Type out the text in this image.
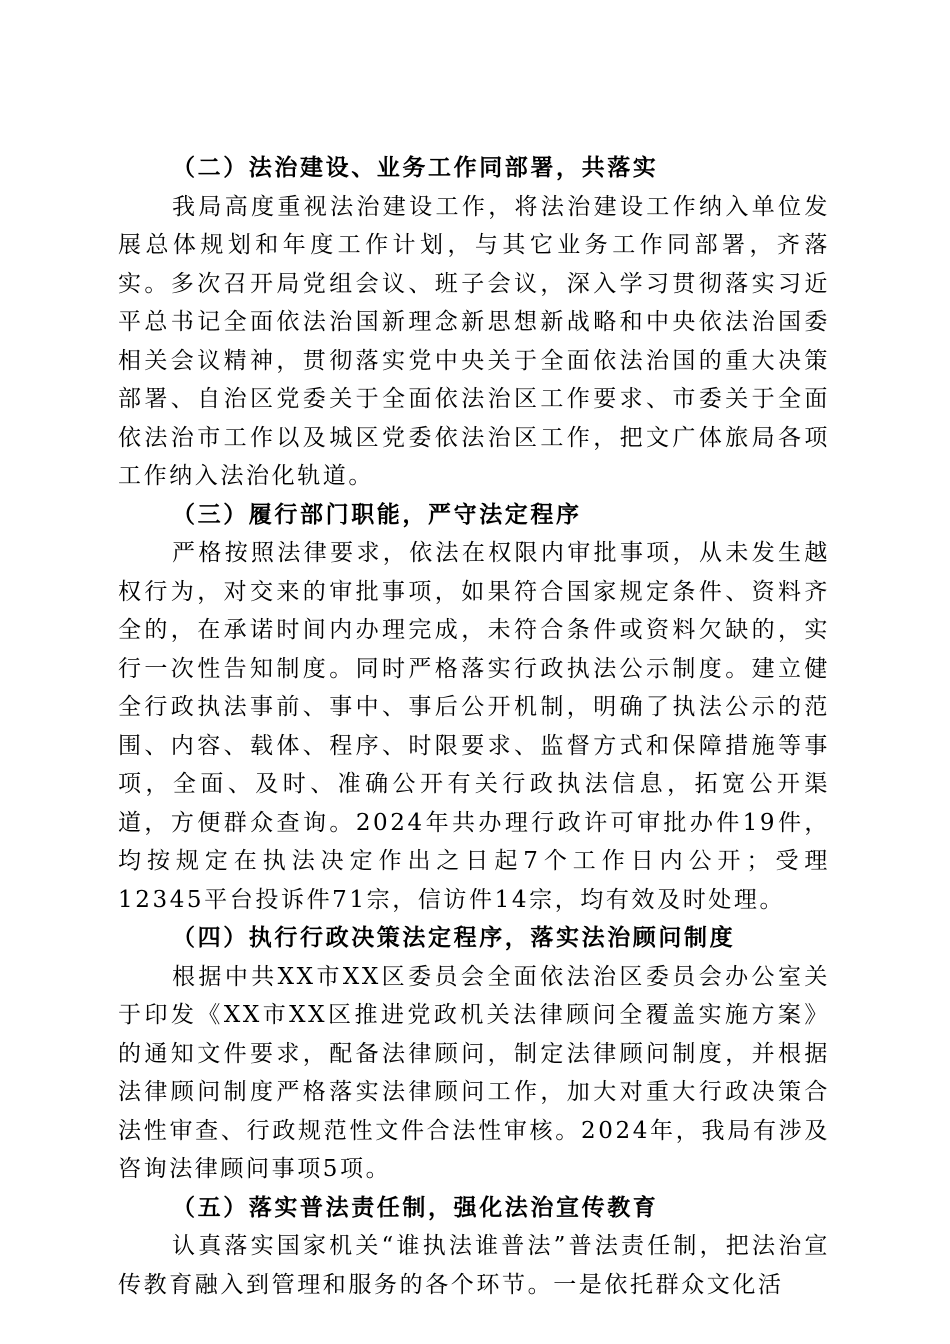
（二）法治建设、业务工作同部署，共落实

我局高度重视法治建设工作，将法治建设工作纳入单位发展总体规划和年度工作计划，与其它业务工作同部署，齐落实。多次召开局党组会议、班子会议，深入学习贯彻落实习近平总书记全面依法治国新理念新思想新战略和中央依法治国委相关会议精神，贯彻落实党中央关于全面依法治国的重大决策部署、自治区党委关于全面依法治区工作要求、市委关于全面依法治市工作以及城区党委依法治区工作，把文广体旅局各项工作纳入法治化轨道。

（三）履行部门职能，严守法定程序

严格按照法律要求，依法在权限内审批事项，从未发生越权行为，对交来的审批事项，如果符合国家规定条件、资料齐全的，在承诺时间内办理完成，未符合条件或资料欠缺的，实行一次性告知制度。同时严格落实行政执法公示制度。建立健全行政执法事前、事中、事后公开机制，明确了执法公示的范围、内容、载体、程序、时限要求、监督方式和保障措施等事项，全面、及时、准确公开有关行政执法信息，拓宽公开渠道，方便群众查询。2024年共办理行政许可审批办件19件，均按规定在执法决定作出之日起7个工作日内公开；受理12345平台投诉件71宗，信访件14宗，均有效及时处理。

（四）执行行政决策法定程序，落实法治顾问制度

根据中共XX市XX区委员会全面依法治区委员会办公室关于印发《XX市XX区推进党政机关法律顾问全覆盖实施方案》的通知文件要求，配备法律顾问，制定法律顾问制度，并根据法律顾问制度严格落实法律顾问工作，加大对重大行政决策合法性审查、行政规范性文件合法性审核。2024年，我局有涉及咨询法律顾问事项5项。

（五）落实普法责任制，强化法治宣传教育

认真落实国家机关“谁执法谁普法”普法责任制，把法治宣传教育融入到管理和服务的各个环节。一是依托群众文化活
